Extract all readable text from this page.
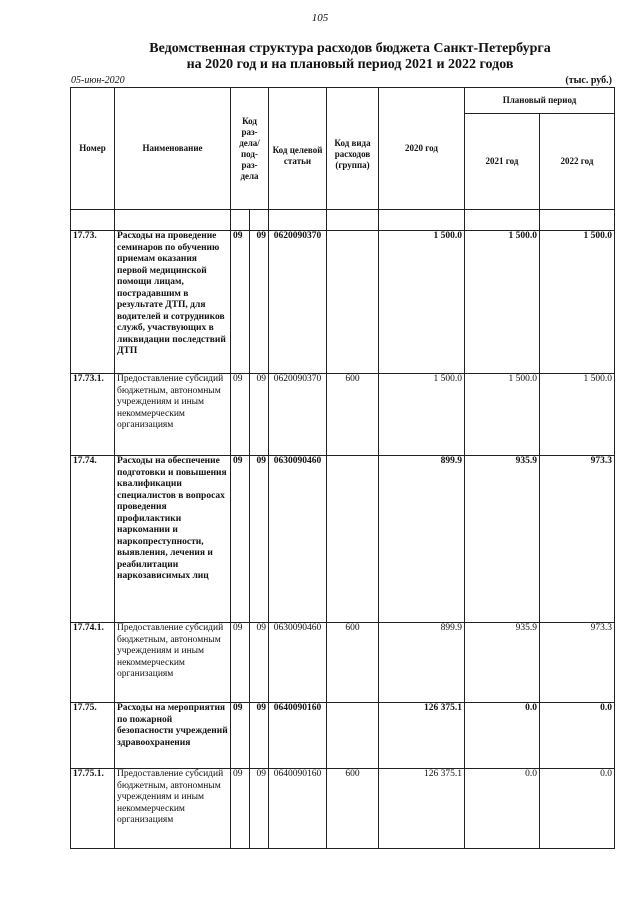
105
Ведомственная структура расходов бюджета Санкт-Петербурга
на 2020 год и на плановый период 2021 и 2022 годов
05-июн-2020	(тыс. руб.)
Номер	Наименование	Код раз-дела/ под-раз-дела		Код целевой статьи	Код вида расходов (группа)	2020 год	Плановый период	
							2021 год	2022 год

17.73.	Расходы на проведение семинаров по обучению приемам оказания первой медицинской помощи лицам, пострадавшим в результате ДТП, для водителей и сотрудников служб, участвующих в ликвидации последствий ДТП	09	09	0620090370		1 500.0	1 500.0	1 500.0
17.73.1.	Предоставление субсидий бюджетным, автономным учреждениям и иным некоммерческим организациям	09	09	0620090370	600	1 500.0	1 500.0	1 500.0
17.74.	Расходы на обеспечение подготовки и повышения квалификации специалистов в вопросах проведения профилактики наркомании и наркопреступности, выявления, лечения и реабилитации наркозависимых лиц	09	09	0630090460		899.9	935.9	973.3
17.74.1.	Предоставление субсидий бюджетным, автономным учреждениям и иным некоммерческим организациям	09	09	0630090460	600	899.9	935.9	973.3
17.75.	Расходы на мероприятия по пожарной безопасности учреждений здравоохранения	09	09	0640090160		126 375.1	0.0	0.0
17.75.1.	Предоставление субсидий бюджетным, автономным учреждениям и иным некоммерческим организациям	09	09	0640090160	600	126 375.1	0.0	0.0
